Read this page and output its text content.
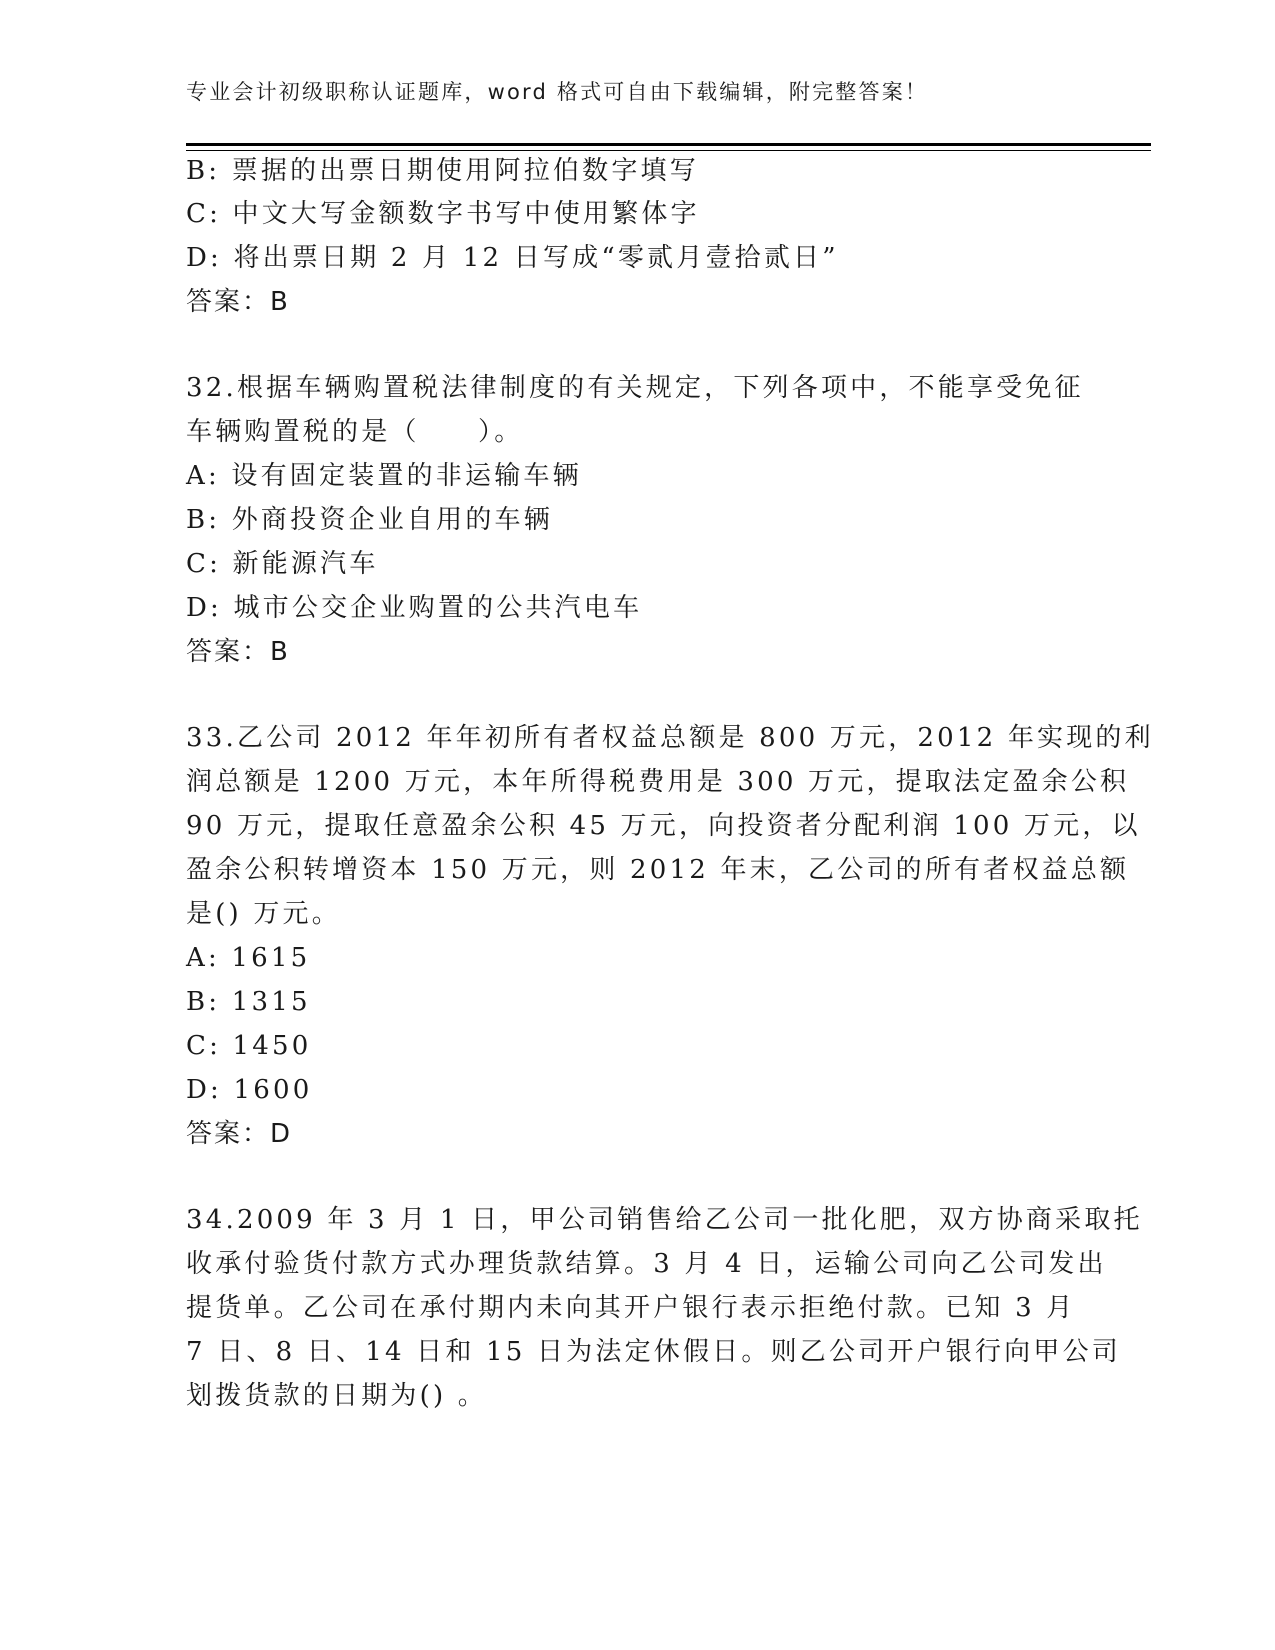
专业会计初级职称认证题库，word 格式可自由下载编辑，附完整答案！
B: 票据的出票日期使用阿拉伯数字填写
C: 中文大写金额数字书写中使用繁体字
D: 将出票日期 2 月 12 日写成“零贰月壹拾贰日”
答案：B
32.根据车辆购置税法律制度的有关规定，下列各项中，不能享受免征
车辆购置税的是（　　）。
A: 设有固定装置的非运输车辆
B: 外商投资企业自用的车辆
C: 新能源汽车
D: 城市公交企业购置的公共汽电车
答案：B
33.乙公司 2012 年年初所有者权益总额是 800 万元，2012 年实现的利
润总额是 1200 万元，本年所得税费用是 300 万元，提取法定盈余公积
90 万元，提取任意盈余公积 45 万元，向投资者分配利润 100 万元，以
盈余公积转增资本 150 万元，则 2012 年末，乙公司的所有者权益总额
是() 万元。
A: 1615
B: 1315
C: 1450
D: 1600
答案：D
34.2009 年 3 月 1 日，甲公司销售给乙公司一批化肥，双方协商采取托
收承付验货付款方式办理货款结算。3 月 4 日，运输公司向乙公司发出
提货单。乙公司在承付期内未向其开户银行表示拒绝付款。已知 3 月
7 日、8 日、14 日和 15 日为法定休假日。则乙公司开户银行向甲公司
划拨货款的日期为() 。
